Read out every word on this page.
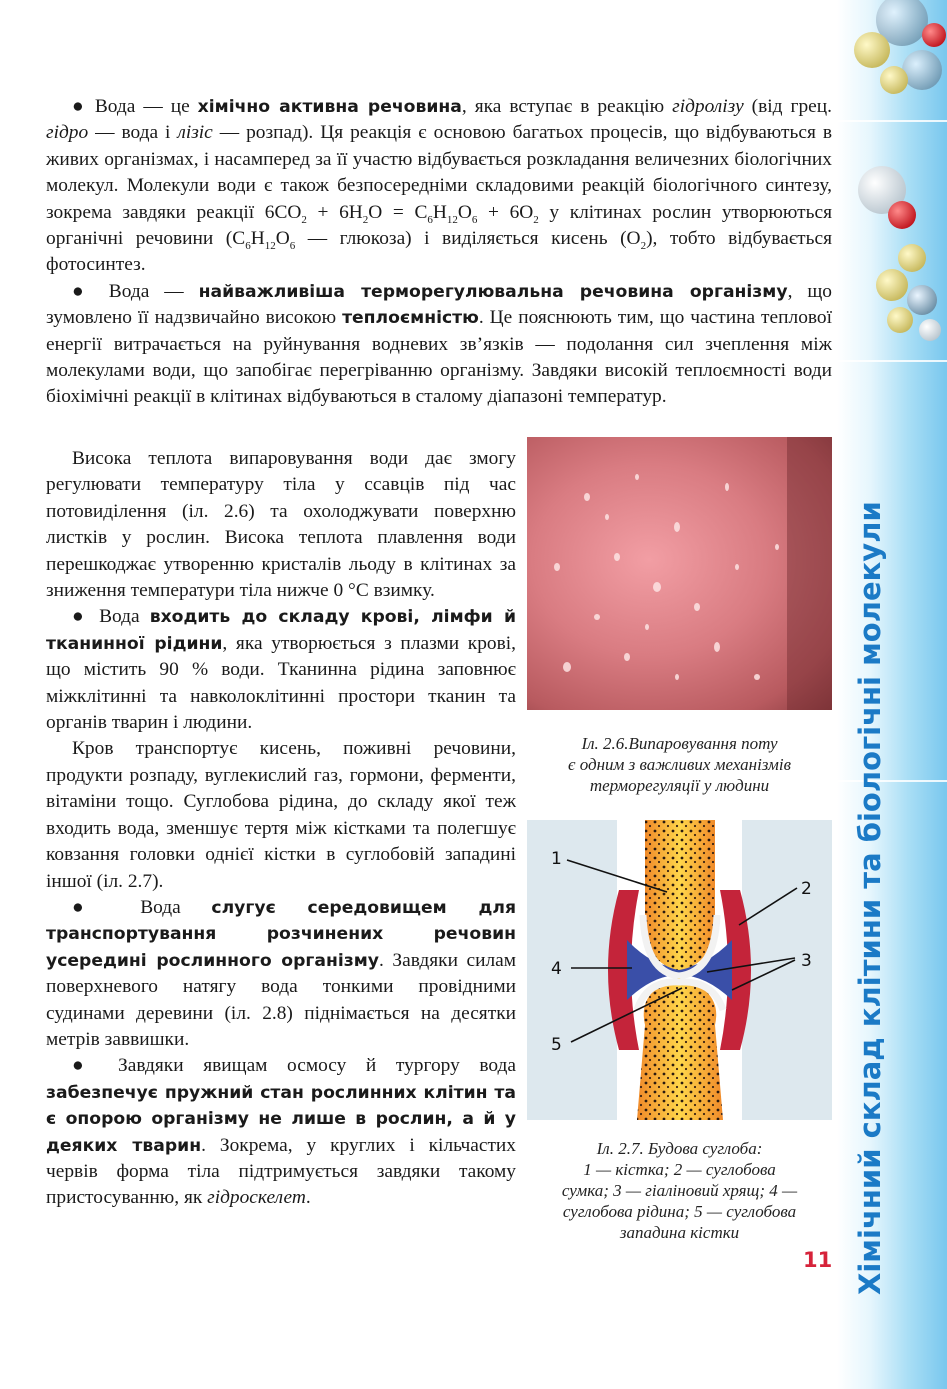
Хімічний склад клітини та біологічні молекули

● Вода — це хімічно активна речовина, яка вступає в реакцію гідролізу (від грец. гідро — вода і лізіс — розпад). Ця реакція є основою багатьох процесів, що відбуваються в живих організмах, і насамперед за її участю відбувається розкладання величезних біологічних молекул. Молекули води є також безпосередніми складовими реакцій біологічного синтезу, зокрема завдяки реакції $6CO_2 + 6H_2O = C_6H_{12}O_6 + 6O_2$ у клітинах рослин утворюються органічні речовини ($C_6H_{12}O_6$ — глюкоза) і виділяється кисень $(O_2)$, тобто відбувається фотосинтез.

● Вода — найважливіша терморегулювальна речовина організму, що зумовлено її надзвичайно високою теплоємністю. Це пояснюють тим, що частина теплової енергії витрачається на руйнування водневих зв’язків — подолання сил зчеплення між молекулами води, що запобігає перегріванню організму. Завдяки високій теплоємності води біохімічні реакції в клітинах відбуваються в сталому діапазоні температур.

Висока теплота випаровування води дає змогу регулювати температуру тіла у ссавців під час потовиділення (іл. 2.6) та охолоджувати поверхню листків у рослин. Висока теплота плавлення води перешкоджає утворенню кристалів льоду в клітинах за зниження температури тіла нижче 0 °С взимку.

● Вода входить до складу крові, лімфи й тканинної рідини, яка утворюється з плазми крові, що містить 90 % води. Тканинна рідина заповнює міжклітинні та навколоклітинні простори тканин та органів тварин і людини.

Кров транспортує кисень, поживні речовини, продукти розпаду, вуглекислий газ, гормони, ферменти, вітаміни тощо. Суглобова рідина, до складу якої теж входить вода, зменшує тертя між кістками та полегшує ковзання головки однієї кістки в суглобовій западині іншої (іл. 2.7).

● Вода слугує середовищем для транспортування розчинених речовин усередині рослинного організму. Завдяки силам поверхневого натягу вода тонкими провідними судинами деревини (іл. 2.8) піднімається на десятки метрів заввишки.

● Завдяки явищам осмосу й тургору вода забезпечує пружний стан рослинних клітин та є опорою організму не лише в рослин, а й у деяких тварин. Зокрема, у круглих і кільчастих червів форма тіла підтримується завдяки такому пристосуванню, як гідроскелет.

Іл. 2.6.Випаровування поту
є одним з важливих механізмів
терморегуляції у людини
1
2
3
4
5
Іл. 2.7. Будова суглоба:
1 — кістка; 2 — суглобова
сумка; 3 — гіаліновий хрящ; 4 —
суглобова рідина; 5 — суглобова
западина кістки
11
